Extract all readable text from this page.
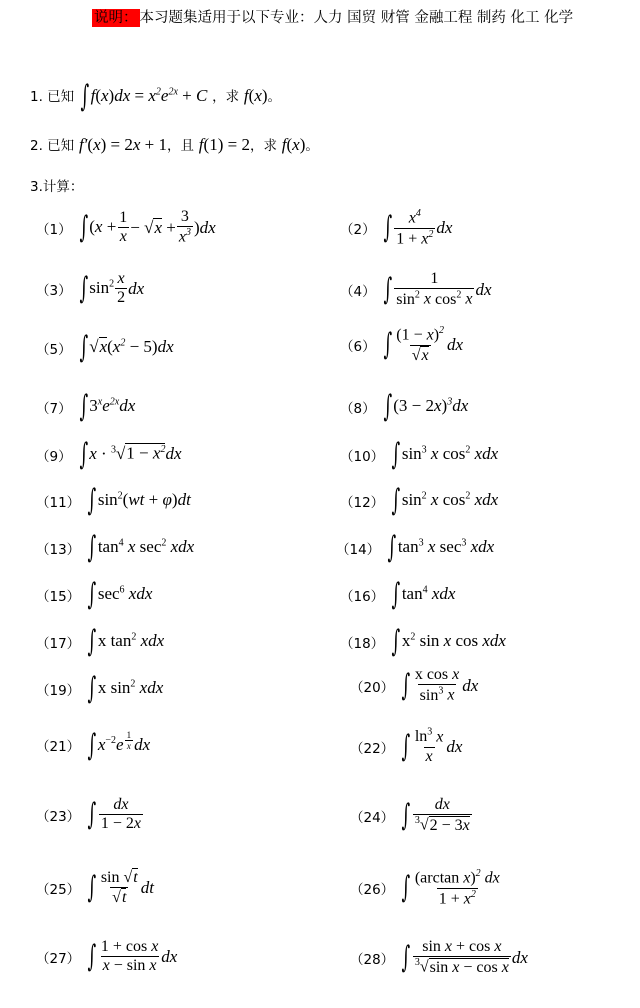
说明： 本习题集适用于以下专业：人力 国贸 财管 金融工程 制药 化工 化学
1. 已知 $\int f(x)dx = x^2e^{2x} + C$ ，求 f(x)。
2. 已知 f′(x) = 2x + 1，且 f(1) = 2，求 f(x)。
3.计算：
（1） $\int(x + \frac{1}{x} - √x + \frac{3}{x^3} )dx$	（2） ∫ $\frac{x^4}{1 + x^2}$ dx
（3） $\int\sin^2 \frac{x}{2}$ dx	（4） ∫ $\frac{1}{\sin^2 x \cos^2 x}$ dx
（5） $\int√x(x^2 - 5)dx$	（6） ∫ $\frac{(1 - x)^2}{√x}$ dx
（7） $\int 3^xe^{2x}dx$	（8） $\int(3 - 2x)^3dx$
（9） $\int x \cdot ^3√1 - x^2dx$	（10） $\int\sin^3$ x $\cos^2$ xdx
（11） $\int\sin^2(wt + \varphi)dt$	（12） $\int\sin^2$ x $\cos^2$ xdx
（13） $\int\tan^4$ x $\sec^2$ xdx	（14） $\int\tan^3$ x $\sec^3$ xdx
（15） $\int\sec^6$ xdx	（16） $\int\tan^4$ xdx
（17） ∫x $\tan^2$ xdx	（18） $\int x^2$ sin x cos xdx
（19） ∫x $\sin^2$ xdx	（20） ∫ $\frac{\text{x cos x}}{\sin^3 x}$ dx
（21） $\int x^{-2}e$ $^{\frac{1}{x}}$ dx	（22） ∫ $\frac{\ln^3 x}{x}$ dx
（23） ∫ $\frac{dx}{1 - 2x}$	（24） ∫ $\frac{dx}{^3√2 - 3x}$
（25） ∫ $\frac{\sin √t}{√t}$ dt	（26） ∫ $\frac{(\arctan x)^2 dx}{1 + x^2}$
（27） ∫ $\frac{\text{1 + cos x}}{\text{x − sin x}}$ dx	（28） ∫ $\frac{\text{sin x + cos x}}{^3√\sin x - \cos x}$ dx
